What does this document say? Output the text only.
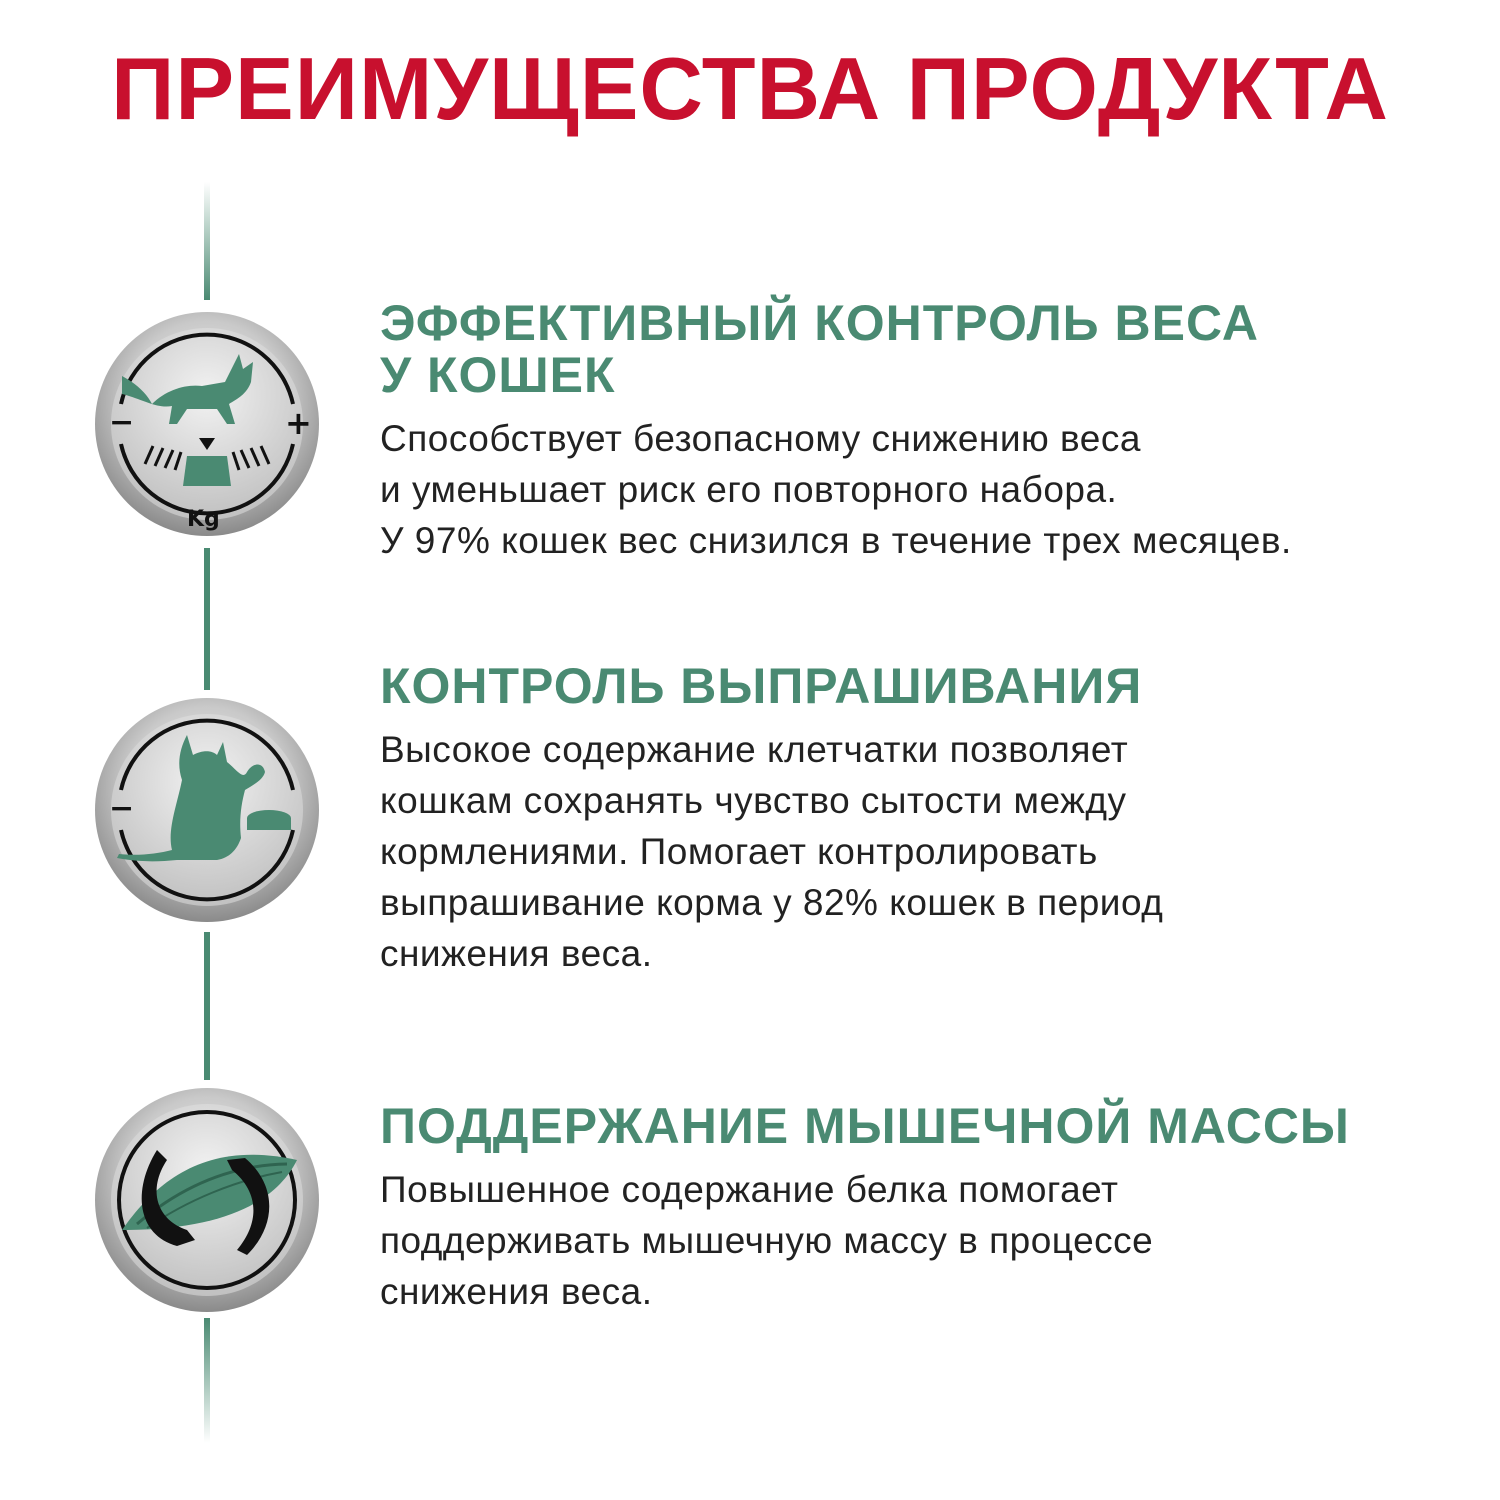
ПРЕИМУЩЕСТВА ПРОДУКТА
−	+
Kg
−
ЭФФЕКТИВНЫЙ КОНТРОЛЬ ВЕСА
У КОШЕК

Способствует безопасному снижению веса
и уменьшает риск его повторного набора.
У 97% кошек вес снизился в течение трех месяцев.

КОНТРОЛЬ ВЫПРАШИВАНИЯ

Высокое содержание клетчатки позволяет
кошкам сохранять чувство сытости между
кормлениями. Помогает контролировать
выпрашивание корма у 82% кошек в период
снижения веса.

ПОДДЕРЖАНИЕ МЫШЕЧНОЙ МАССЫ

Повышенное содержание белка помогает
поддерживать мышечную массу в процессе
снижения веса.
